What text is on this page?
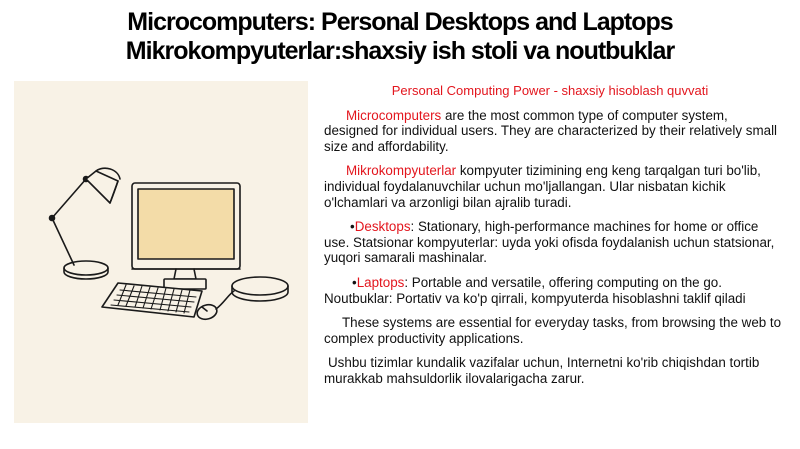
Microcomputers: Personal Desktops and Laptops
Mikrokompyuterlar:shaxsiy ish stoli va noutbuklar
Personal Computing Power - shaxsiy hisoblash quvvati

Microcomputers are the most common type of computer system, designed for individual users. They are characterized by their relatively small size and affordability.

Mikrokompyuterlar kompyuter tizimining eng keng tarqalgan turi bo'lib, individual foydalanuvchilar uchun mo'ljallangan. Ular nisbatan kichik o'lchamlari va arzonligi bilan ajralib turadi.

•Desktops: Stationary, high-performance machines for home or office use. Statsionar kompyuterlar: uyda yoki ofisda foydalanish uchun statsionar, yuqori samarali mashinalar.

•Laptops: Portable and versatile, offering computing on the go. Noutbuklar: Portativ va ko'p qirrali, kompyuterda hisoblashni taklif qiladi

These systems are essential for everyday tasks, from browsing the web to complex productivity applications.

Ushbu tizimlar kundalik vazifalar uchun, Internetni ko'rib chiqishdan tortib murakkab mahsuldorlik ilovalarigacha zarur.
